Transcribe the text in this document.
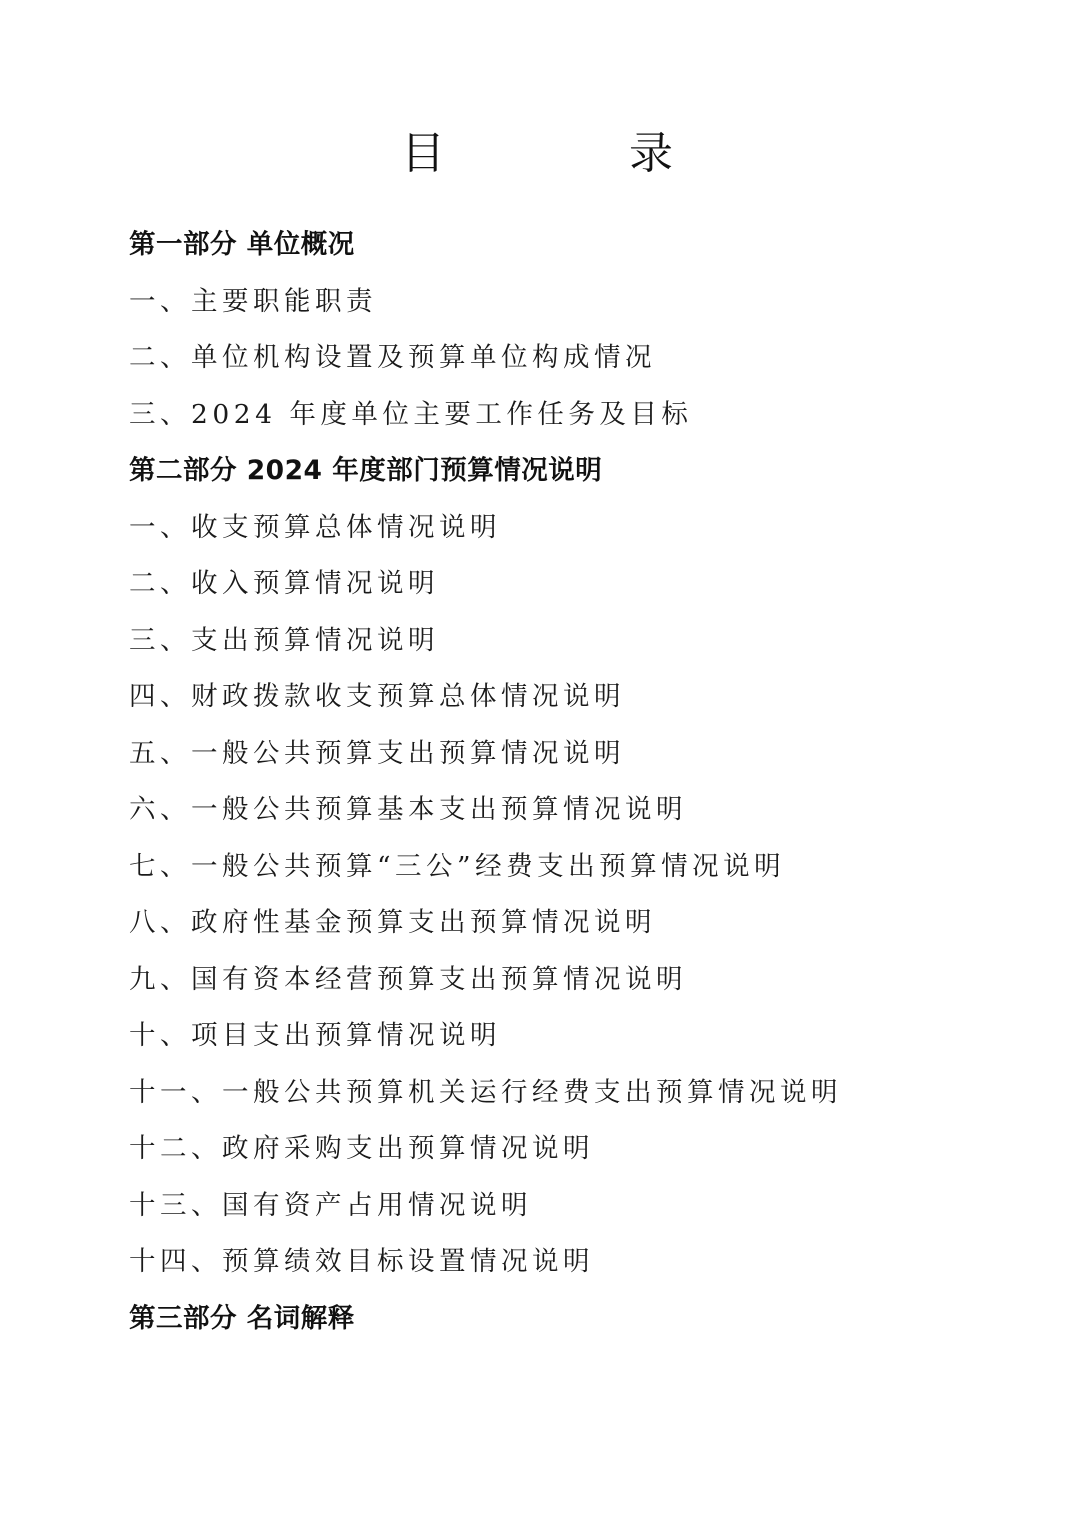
目　录
第一部分 单位概况
一、主要职能职责
二、单位机构设置及预算单位构成情况
三、2024 年度单位主要工作任务及目标
第二部分 2024 年度部门预算情况说明
一、收支预算总体情况说明
二、收入预算情况说明
三、支出预算情况说明
四、财政拨款收支预算总体情况说明
五、一般公共预算支出预算情况说明
六、一般公共预算基本支出预算情况说明
七、一般公共预算“三公”经费支出预算情况说明
八、政府性基金预算支出预算情况说明
九、国有资本经营预算支出预算情况说明
十、项目支出预算情况说明
十一、一般公共预算机关运行经费支出预算情况说明
十二、政府采购支出预算情况说明
十三、国有资产占用情况说明
十四、预算绩效目标设置情况说明
第三部分 名词解释
